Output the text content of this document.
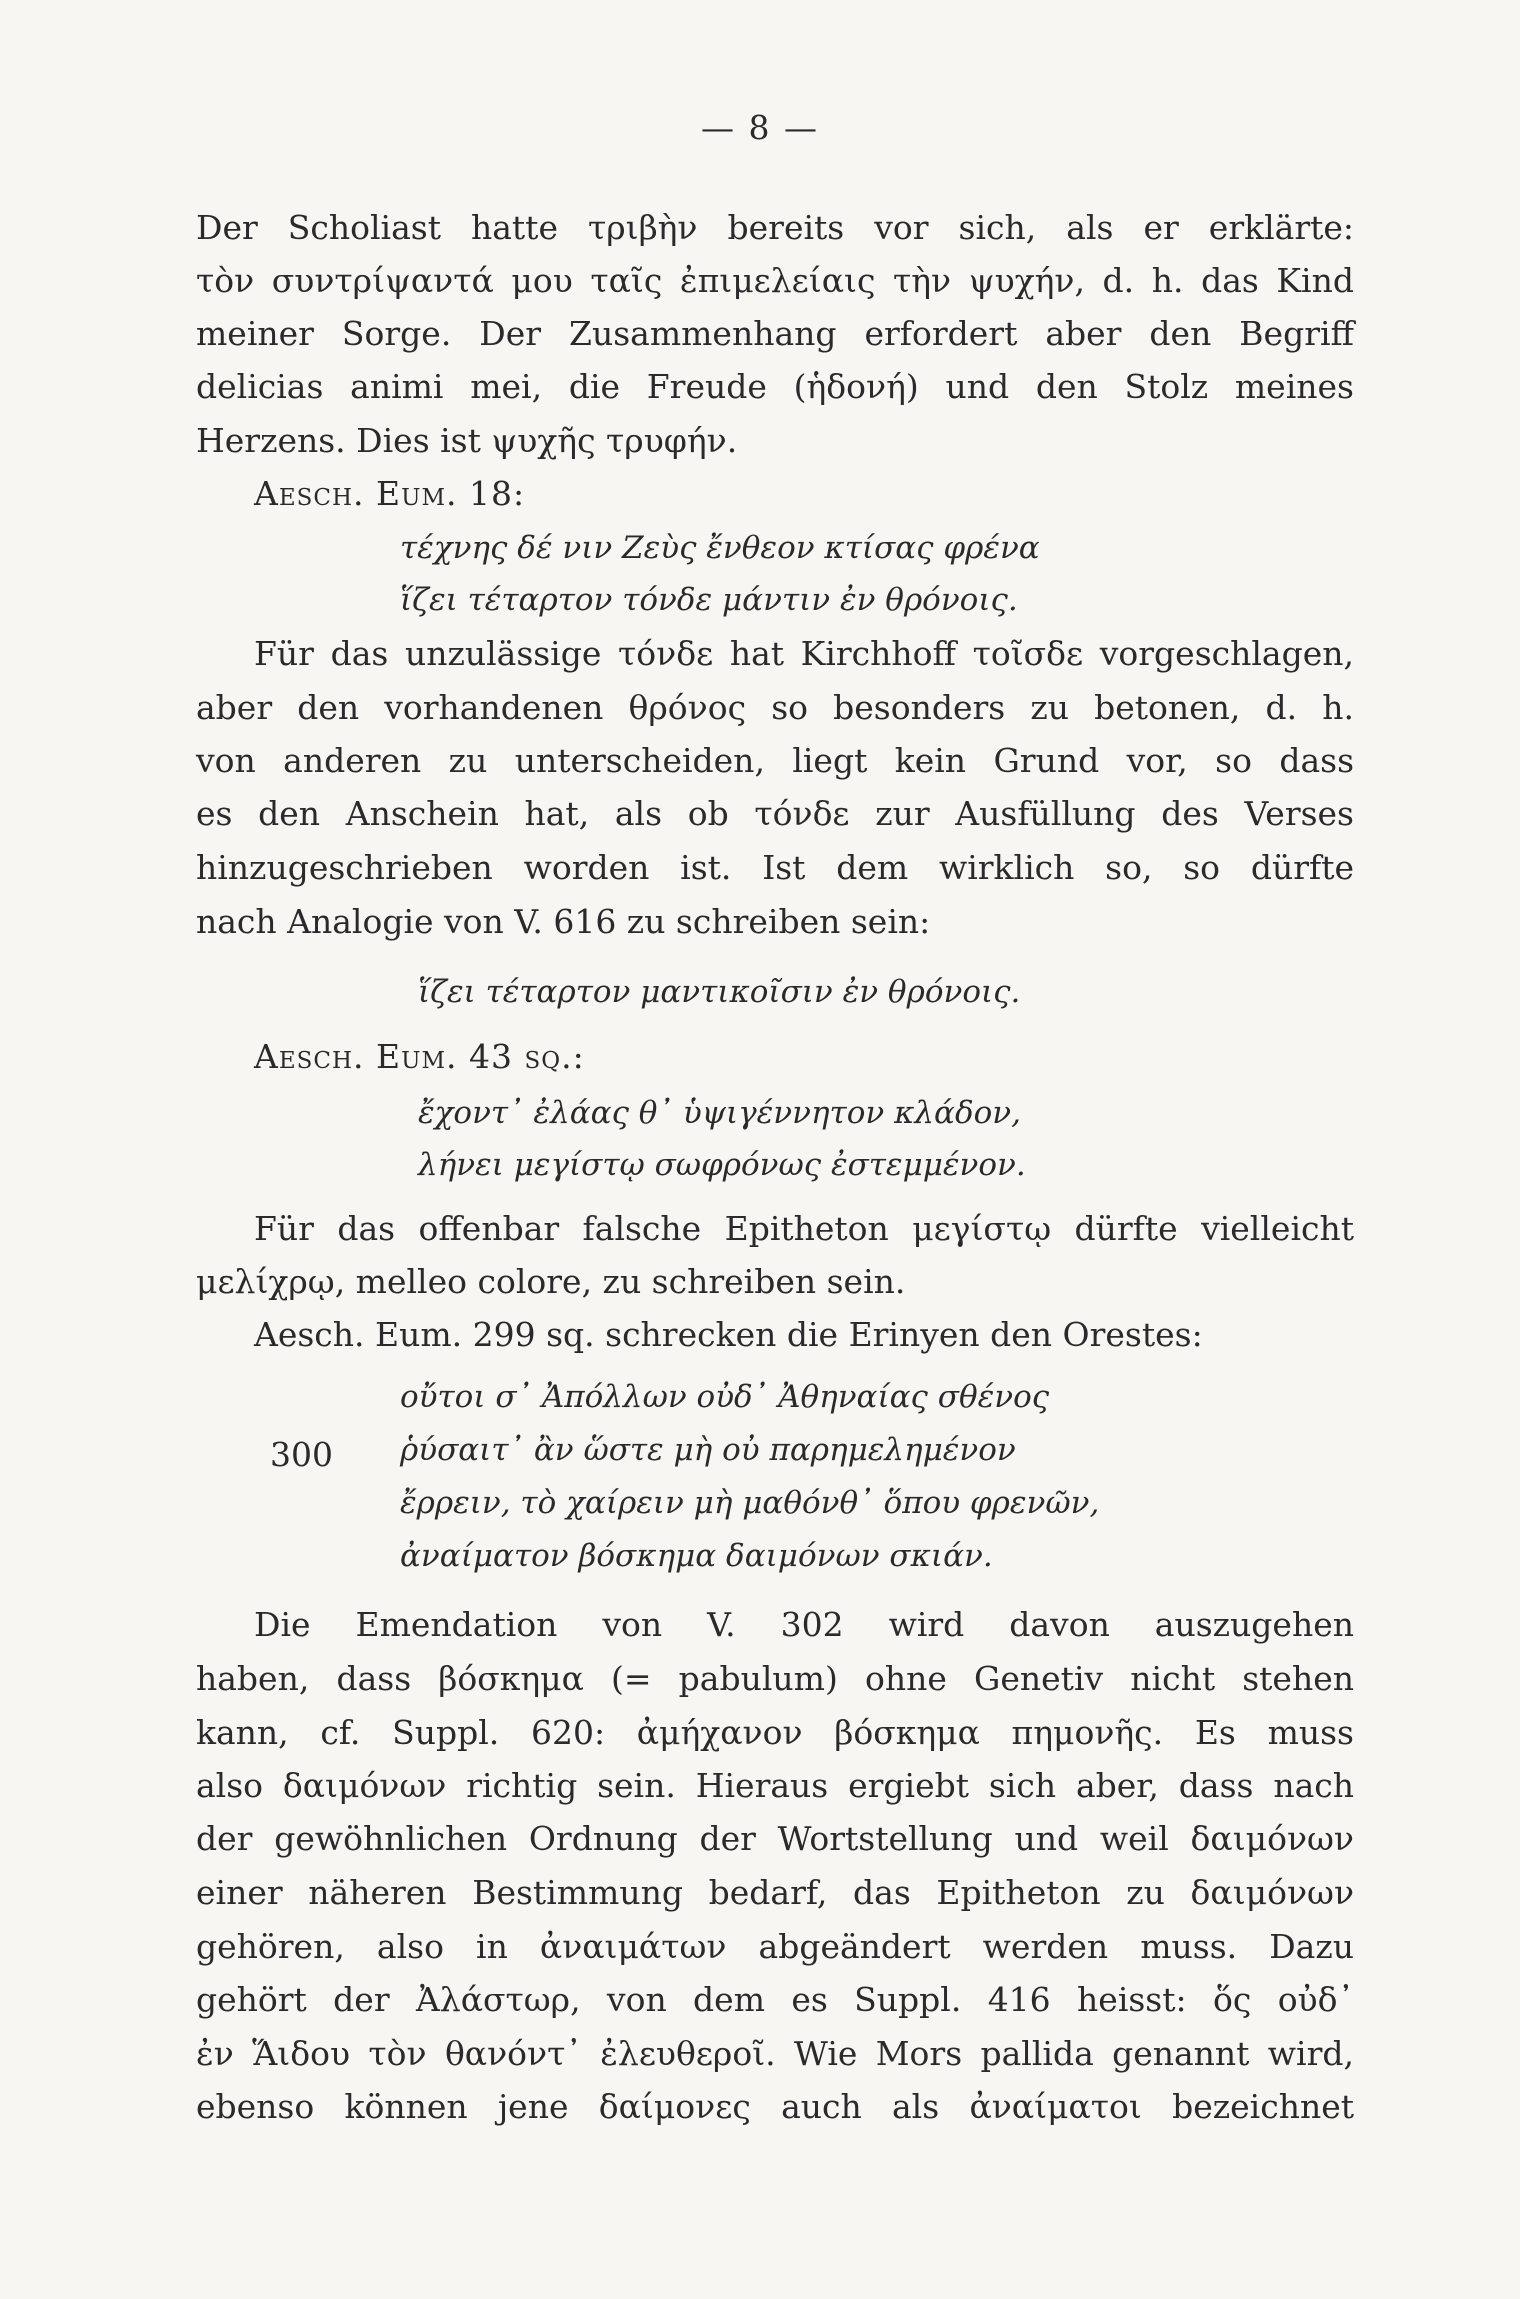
— 8 —
Der Scholiast hatte τριβὴν bereits vor sich, als er erklärte:
τὸν συντρίψαντά μου ταῖς ἐπιμελείαις τὴν ψυχήν, d. h. das Kind
meiner Sorge. Der Zusammenhang erfordert aber den Begriff
delicias animi mei, die Freude (ἡδονή) und den Stolz meines
Herzens. Dies ist ψυχῆς τρυφήν.
Aesch. Eum. 18:
τέχνης δέ νιν Ζεὺς ἔνθεον κτίσας φρένα
ἵζει τέταρτον τόνδε μάντιν ἐν θρόνοις.
Für das unzulässige τόνδε hat Kirchhoff τοῖσδε vorgeschlagen,
aber den vorhandenen θρόνος so besonders zu betonen, d. h.
von anderen zu unterscheiden, liegt kein Grund vor, so dass
es den Anschein hat, als ob τόνδε zur Ausfüllung des Verses
hinzugeschrieben worden ist. Ist dem wirklich so, so dürfte
nach Analogie von V. 616 zu schreiben sein:
ἵζει τέταρτον μαντικοῖσιν ἐν θρόνοις.
Aesch. Eum. 43 sq.:
ἔχοντ᾽ ἐλάας θ᾽ ὑψιγέννητον κλάδον,
λήνει μεγίστῳ σωφρόνως ἐστεμμένον.
Für das offenbar falsche Epitheton μεγίστῳ dürfte vielleicht
μελίχρῳ, melleo colore, zu schreiben sein.
Aesch. Eum. 299 sq. schrecken die Erinyen den Orestes:
οὔτοι σ᾽ Ἀπόλλων οὐδ᾽ Ἀθηναίας σθένος
300 ῥύσαιτ᾽ ἂν ὥστε μὴ οὐ παρημελημένον
ἔρρειν, τὸ χαίρειν μὴ μαθόνθ᾽ ὅπου φρενῶν,
ἀναίματον βόσκημα δαιμόνων σκιάν.
Die Emendation von V. 302 wird davon auszugehen
haben, dass βόσκημα (= pabulum) ohne Genetiv nicht stehen
kann, cf. Suppl. 620: ἀμήχανον βόσκημα πημονῆς. Es muss
also δαιμόνων richtig sein. Hieraus ergiebt sich aber, dass nach
der gewöhnlichen Ordnung der Wortstellung und weil δαιμόνων
einer näheren Bestimmung bedarf, das Epitheton zu δαιμόνων
gehören, also in ἀναιμάτων abgeändert werden muss. Dazu
gehört der Ἀλάστωρ, von dem es Suppl. 416 heisst: ὅς οὐδ᾽
ἐν Ἅιδου τὸν θανόντ᾽ ἐλευθεροῖ. Wie Mors pallida genannt wird,
ebenso können jene δαίμονες auch als ἀναίματοι bezeichnet
